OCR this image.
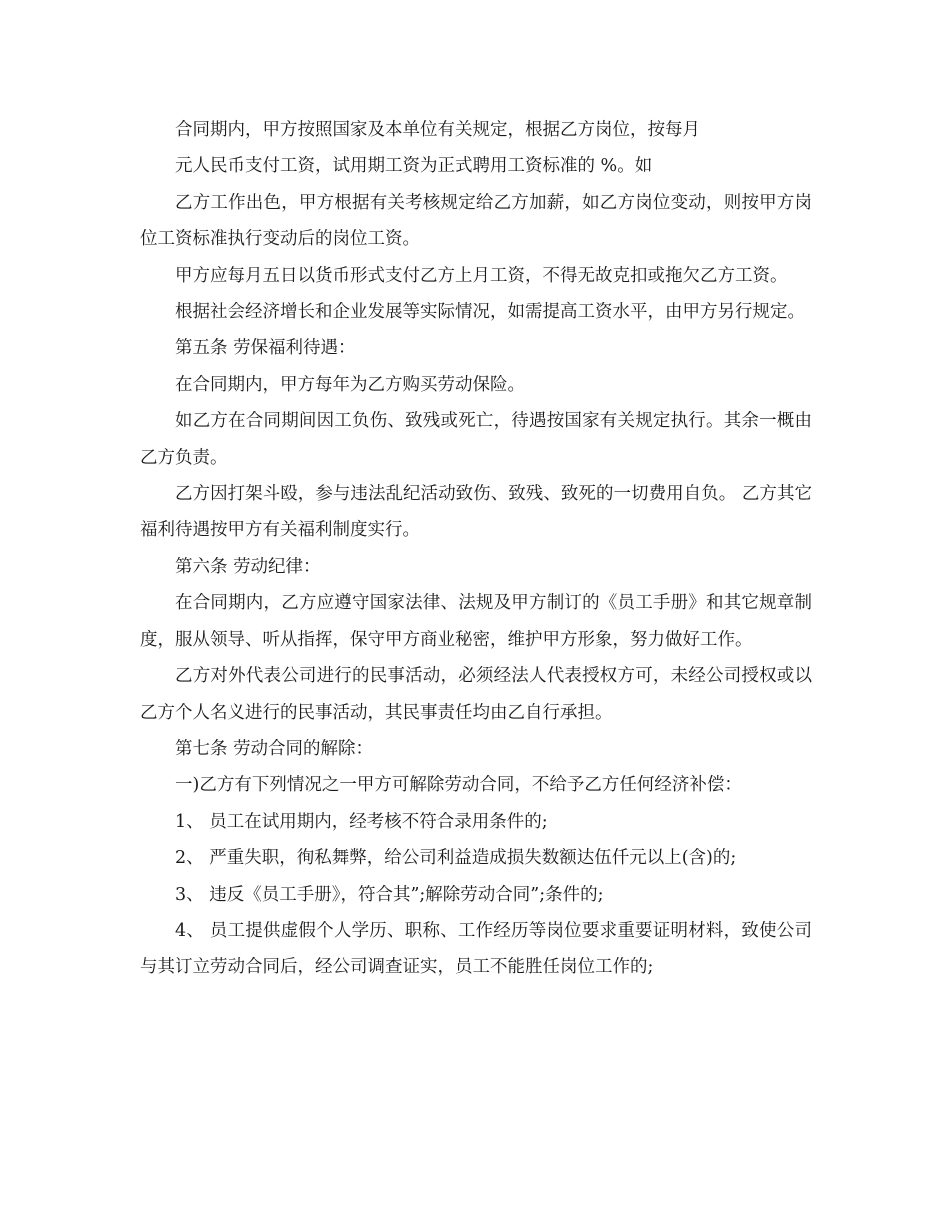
合同期内，甲方按照国家及本单位有关规定，根据乙方岗位，按每月

元人民币支付工资，试用期工资为正式聘用工资标准的 %。如

乙方工作出色，甲方根据有关考核规定给乙方加薪，如乙方岗位变动，则按甲方岗位工资标准执行变动后的岗位工资。

甲方应每月五日以货币形式支付乙方上月工资，不得无故克扣或拖欠乙方工资。

根据社会经济增长和企业发展等实际情况，如需提高工资水平，由甲方另行规定。

第五条 劳保福利待遇：

在合同期内，甲方每年为乙方购买劳动保险。

如乙方在合同期间因工负伤、致残或死亡，待遇按国家有关规定执行。其余一概由乙方负责。

乙方因打架斗殴，参与违法乱纪活动致伤、致残、致死的一切费用自负。 乙方其它福利待遇按甲方有关福利制度实行。

第六条 劳动纪律：

在合同期内，乙方应遵守国家法律、法规及甲方制订的《员工手册》和其它规章制度，服从领导、听从指挥，保守甲方商业秘密，维护甲方形象，努力做好工作。

乙方对外代表公司进行的民事活动，必须经法人代表授权方可，未经公司授权或以乙方个人名义进行的民事活动，其民事责任均由乙自行承担。

第七条 劳动合同的解除：

一)乙方有下列情况之一甲方可解除劳动合同，不给予乙方任何经济补偿：

1、 员工在试用期内，经考核不符合录用条件的;

2、 严重失职，徇私舞弊，给公司利益造成损失数额达伍仟元以上(含)的;

3、 违反《员工手册》，符合其”;解除劳动合同”;条件的;

4、 员工提供虚假个人学历、职称、工作经历等岗位要求重要证明材料，致使公司与其订立劳动合同后，经公司调查证实，员工不能胜任岗位工作的;
